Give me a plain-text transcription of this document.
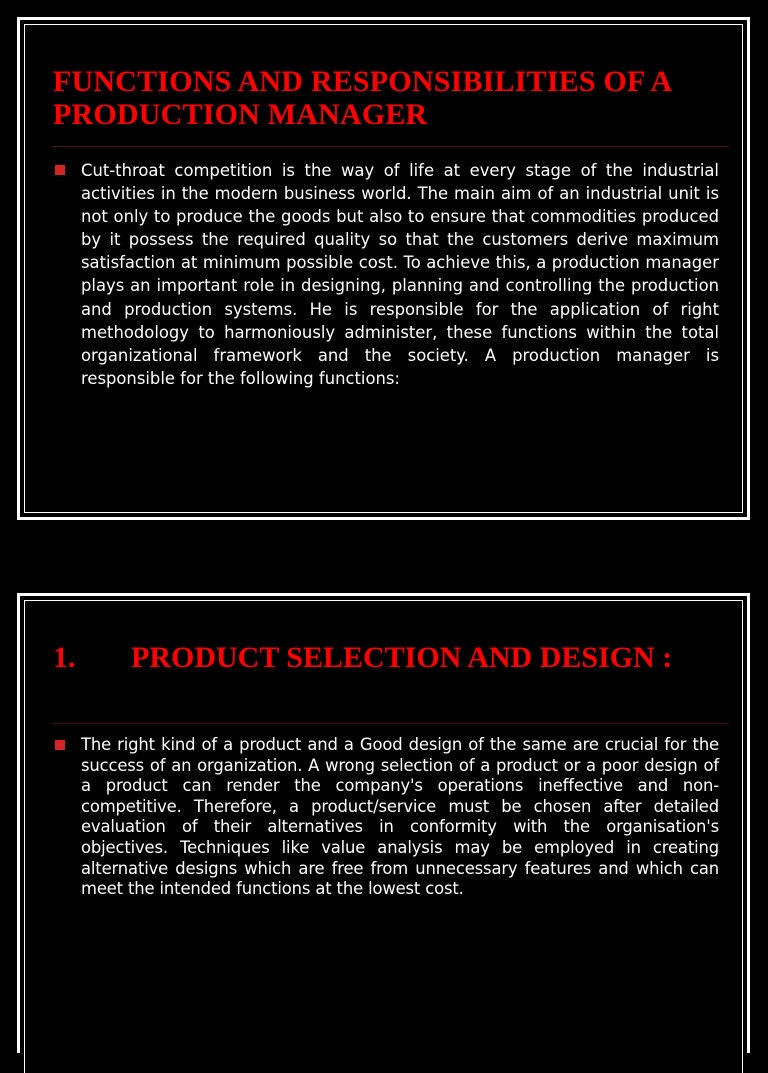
FUNCTIONS AND RESPONSIBILITIES OF A PRODUCTION MANAGER

Cut-throat competition is the way of life at every stage of the industrial activities in the modern business world. The main aim of an industrial unit is not only to produce the goods but also to ensure that commodities produced by it possess the required quality so that the customers derive maximum satisfaction at minimum possible cost. To achieve this, a production manager plays an important role in designing, planning and controlling the production and production systems. He is responsible for the application of right methodology to harmoniously administer, these functions within the total organizational framework and the society. A production manager is responsible for the following functions:

1. PRODUCT SELECTION AND DESIGN :

The right kind of a product and a Good design of the same are crucial for the success of an organization. A wrong selection of a product or a poor design of a product can render the company's operations ineffective and non-competitive. Therefore, a product/service must be chosen after detailed evaluation of their alternatives in conformity with the organisation's objectives. Techniques like value analysis may be employed in creating alternative designs which are free from unnecessary features and which can meet the intended functions at the lowest cost.
